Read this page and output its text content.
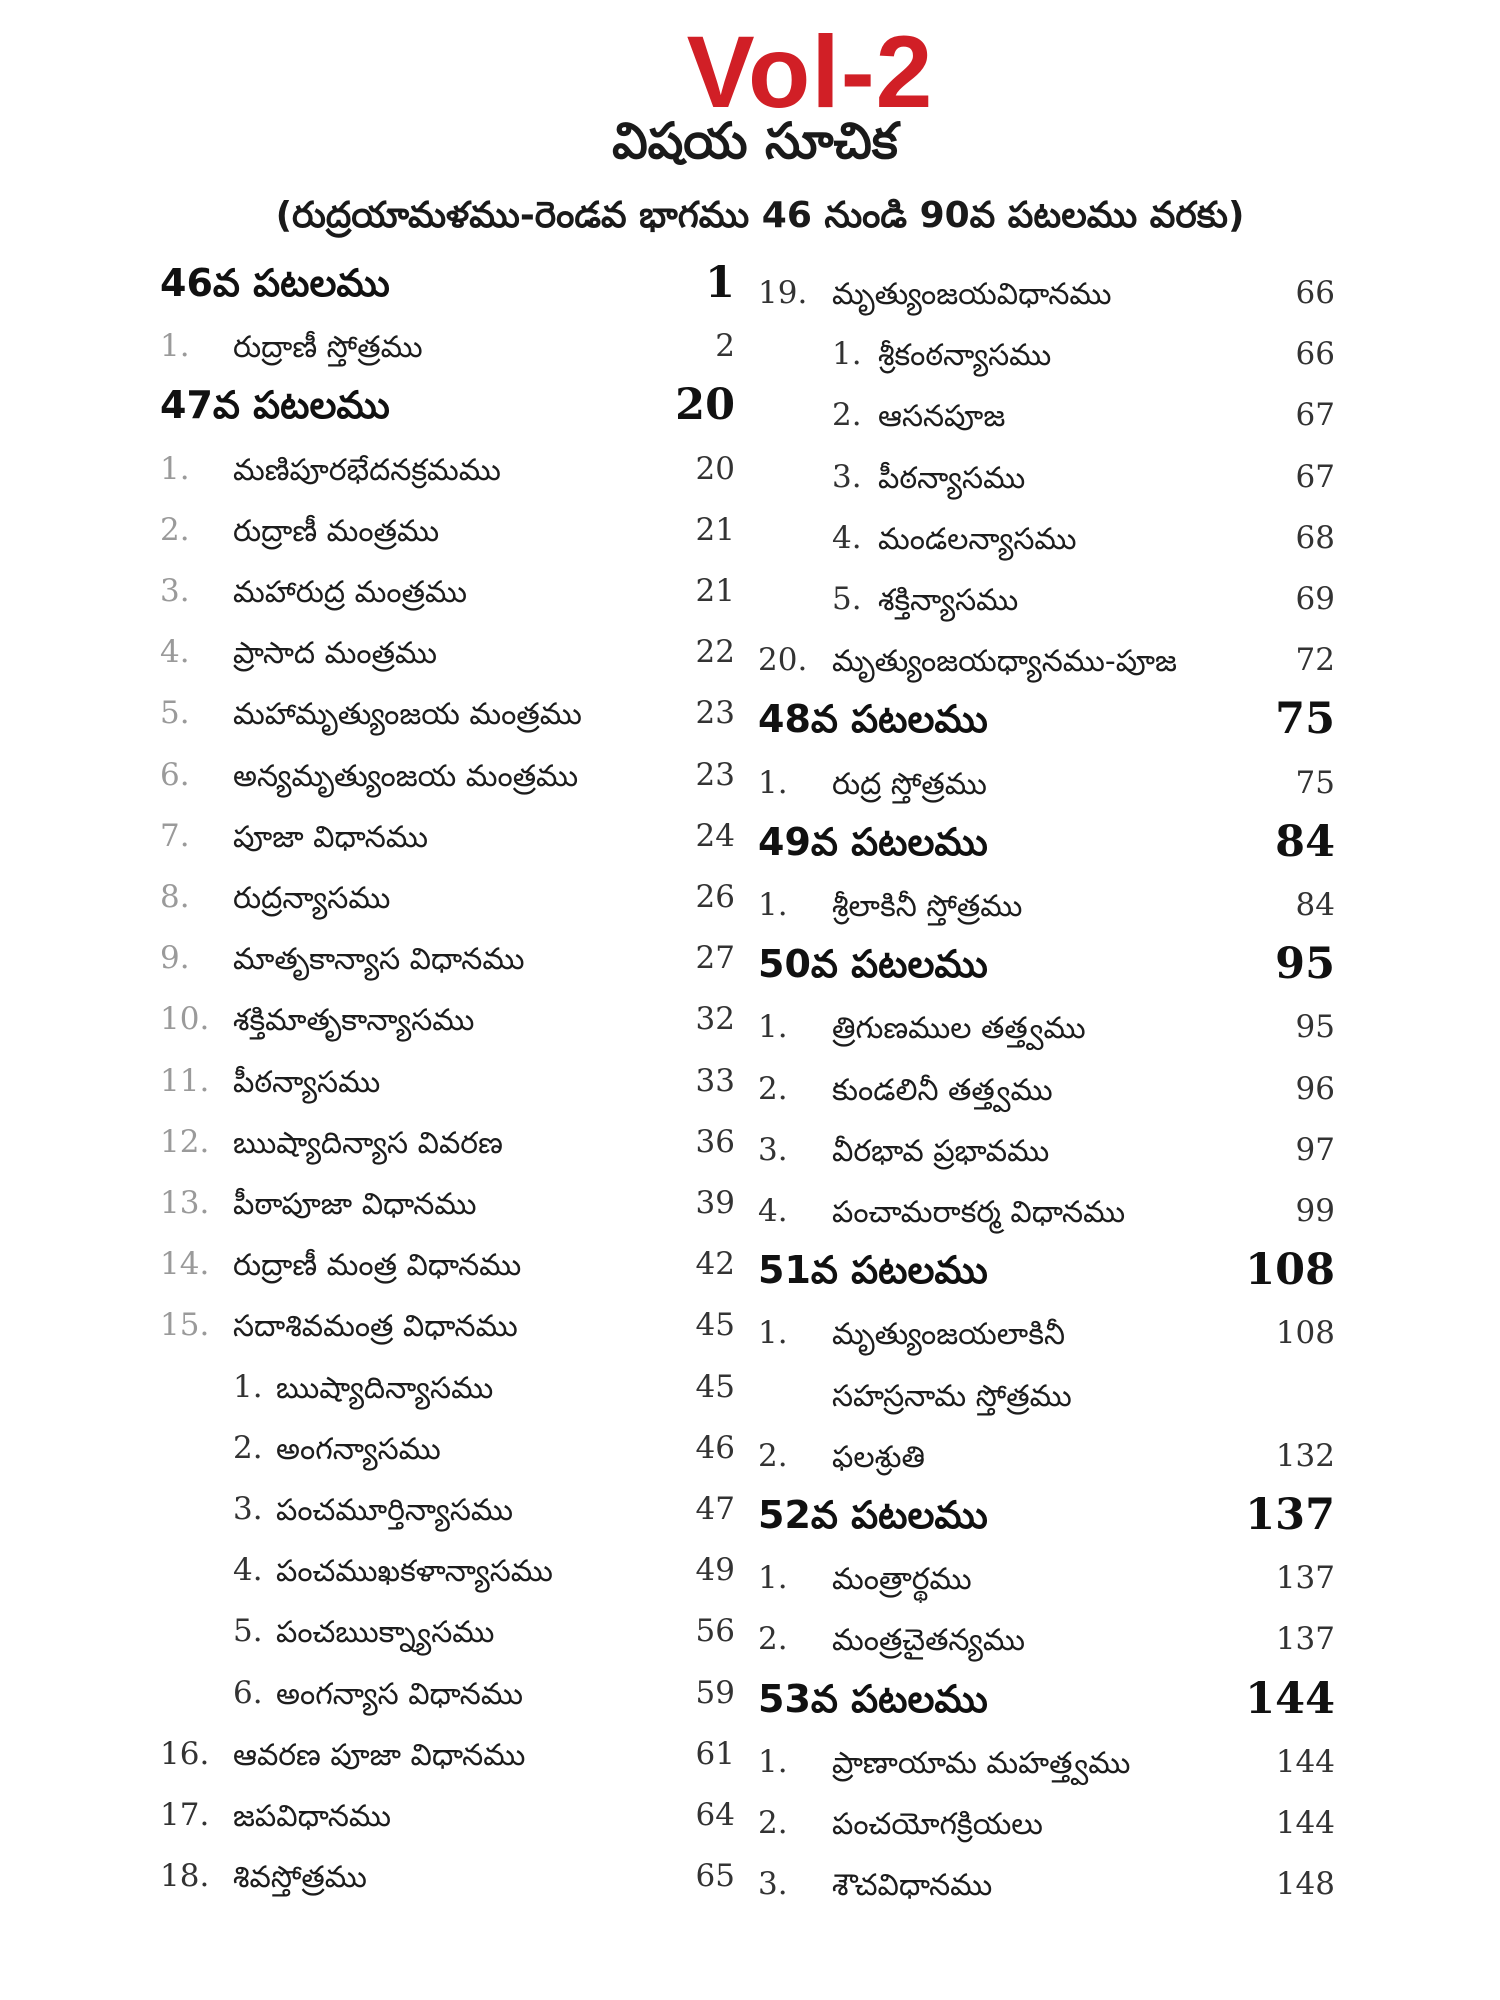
Vol-2
విషయ సూచిక
(రుద్రయామళము-రెండవ భాగము 46 నుండి 90వ పటలము వరకు)
46వ పటలము	1
1. రుద్రాణీ స్తోత్రము	2
47వ పటలము	20
1. మణిపూరభేదనక్రమము	20
2. రుద్రాణీ మంత్రము	21
3. మహారుద్ర మంత్రము	21
4. ప్రాసాద మంత్రము	22
5. మహామృత్యుంజయ మంత్రము	23
6. అన్యమృత్యుంజయ మంత్రము	23
7. పూజా విధానము	24
8. రుద్రన్యాసము	26
9. మాతృకాన్యాస విధానము	27
10. శక్తిమాతృకాన్యాసము	32
11. పీఠన్యాసము	33
12. ఋష్యాదిన్యాస వివరణ	36
13. పీఠాపూజా విధానము	39
14. రుద్రాణీ మంత్ర విధానము	42
15. సదాశివమంత్ర విధానము	45
1. ఋష్యాదిన్యాసము	45
2. అంగన్యాసము	46
3. పంచమూర్తిన్యాసము	47
4. పంచముఖకళాన్యాసము	49
5. పంచఋక్న్యాసము	56
6. అంగన్యాస విధానము	59
16. ఆవరణ పూజా విధానము	61
17. జపవిధానము	64
18. శివస్తోత్రము	65
19. మృత్యుంజయవిధానము	66
1. శ్రీకంఠన్యాసము	66
2. ఆసనపూజ	67
3. పీఠన్యాసము	67
4. మండలన్యాసము	68
5. శక్తిన్యాసము	69
20. మృత్యుంజయధ్యానము-పూజ	72
48వ పటలము	75
1. రుద్ర స్తోత్రము	75
49వ పటలము	84
1. శ్రీలాకినీ స్తోత్రము	84
50వ పటలము	95
1. త్రిగుణముల తత్త్వము	95
2. కుండలినీ తత్త్వము	96
3. వీరభావ ప్రభావము	97
4. పంచామరాకర్మ విధానము	99
51వ పటలము	108
1. మృత్యుంజయలాకినీ	108
సహస్రనామ స్తోత్రము
2. ఫలశ్రుతి	132
52వ పటలము	137
1. మంత్రార్థము	137
2. మంత్రచైతన్యము	137
53వ పటలము	144
1. ప్రాణాయామ మహత్త్వము	144
2. పంచయోగక్రియలు	144
3. శౌచవిధానము	148
